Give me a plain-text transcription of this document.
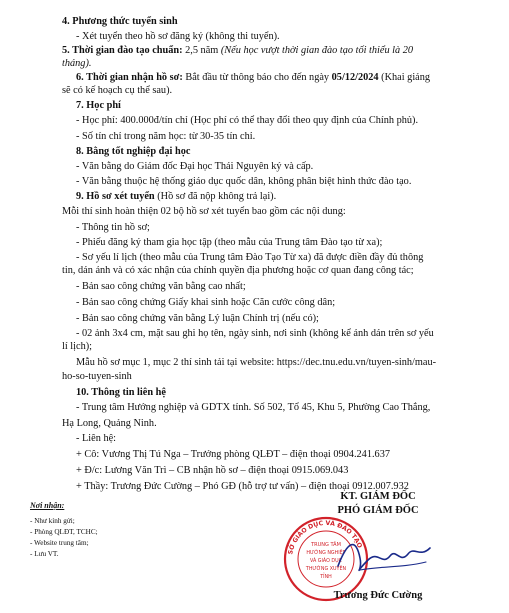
4. Phương thức tuyển sinh
- Xét tuyển theo hồ sơ đăng ký (không thi tuyển).
5. Thời gian đào tạo chuẩn: 2,5 năm (Nếu học vượt thời gian đào tạo tối thiểu là 20
tháng).
6. Thời gian nhận hồ sơ: Bắt đầu từ thông báo cho đến ngày 05/12/2024 (Khai giảng
sẽ có kế hoạch cụ thể sau).
7. Học phí
- Học phí: 400.000đ/tín chỉ (Học phí có thể thay đổi theo quy định của Chính phủ).
- Số tín chỉ trong năm học: từ 30-35 tín chỉ.
8. Bằng tốt nghiệp đại học
- Văn bằng do Giám đốc Đại học Thái Nguyên ký và cấp.
- Văn bằng thuộc hệ thống giáo dục quốc dân, không phân biệt hình thức đào tạo.
9. Hồ sơ xét tuyển (Hồ sơ đã nộp không trả lại).
Mỗi thí sinh hoàn thiện 02 bộ hồ sơ xét tuyển bao gồm các nội dung:
- Thông tin hồ sơ;
- Phiếu đăng ký tham gia học tập (theo mẫu của Trung tâm Đào tạo từ xa);
- Sơ yếu lí lịch (theo mẫu của Trung tâm Đào Tạo Từ xa) đã được điền đầy đủ thông
tin, dán ảnh và có xác nhận của chính quyền địa phương hoặc cơ quan đang công tác;
- Bản sao công chứng văn bằng cao nhất;
- Bản sao công chứng Giấy khai sinh hoặc Căn cước công dân;
- Bản sao công chứng văn bằng Lý luận Chính trị (nếu có);
- 02 ảnh 3x4 cm, mặt sau ghi họ tên, ngày sinh, nơi sinh (không kể ảnh dán trên sơ yếu
lí lịch);
Mẫu hồ sơ mục 1, mục 2 thí sinh tải tại website: https://dec.tnu.edu.vn/tuyen-sinh/mau-
ho-so-tuyen-sinh
10. Thông tin liên hệ
- Trung tâm Hướng nghiệp và GDTX tỉnh. Số 502, Tổ 45, Khu 5, Phường Cao Thắng,
Hạ Long, Quảng Ninh.
- Liên hệ:
+ Cô: Vương Thị Tú Nga – Trưởng phòng QLĐT – điện thoại 0904.241.637
+ Đ/c: Lương Văn Trì – CB nhận hồ sơ – điện thoại 0915.069.043
+ Thầy: Trương Đức Cường – Phó GĐ (hỗ trợ tư vấn) – điện thoại 0912.007.932
Nơi nhận:
- Như kính gửi;
- Phòng QLĐT, TCHC;
- Website trung tâm;
- Lưu VT.	SỞ GIÁO DỤC VÀ ĐÀO TẠO
TRUNG TÂM
HƯỚNG NGHIỆP
VÀ GIÁO DỤC
THƯỜNG XUYÊN
TỈNH
KT. GIÁM ĐỐC
PHÓ GIÁM ĐỐC
Trương Đức Cường
